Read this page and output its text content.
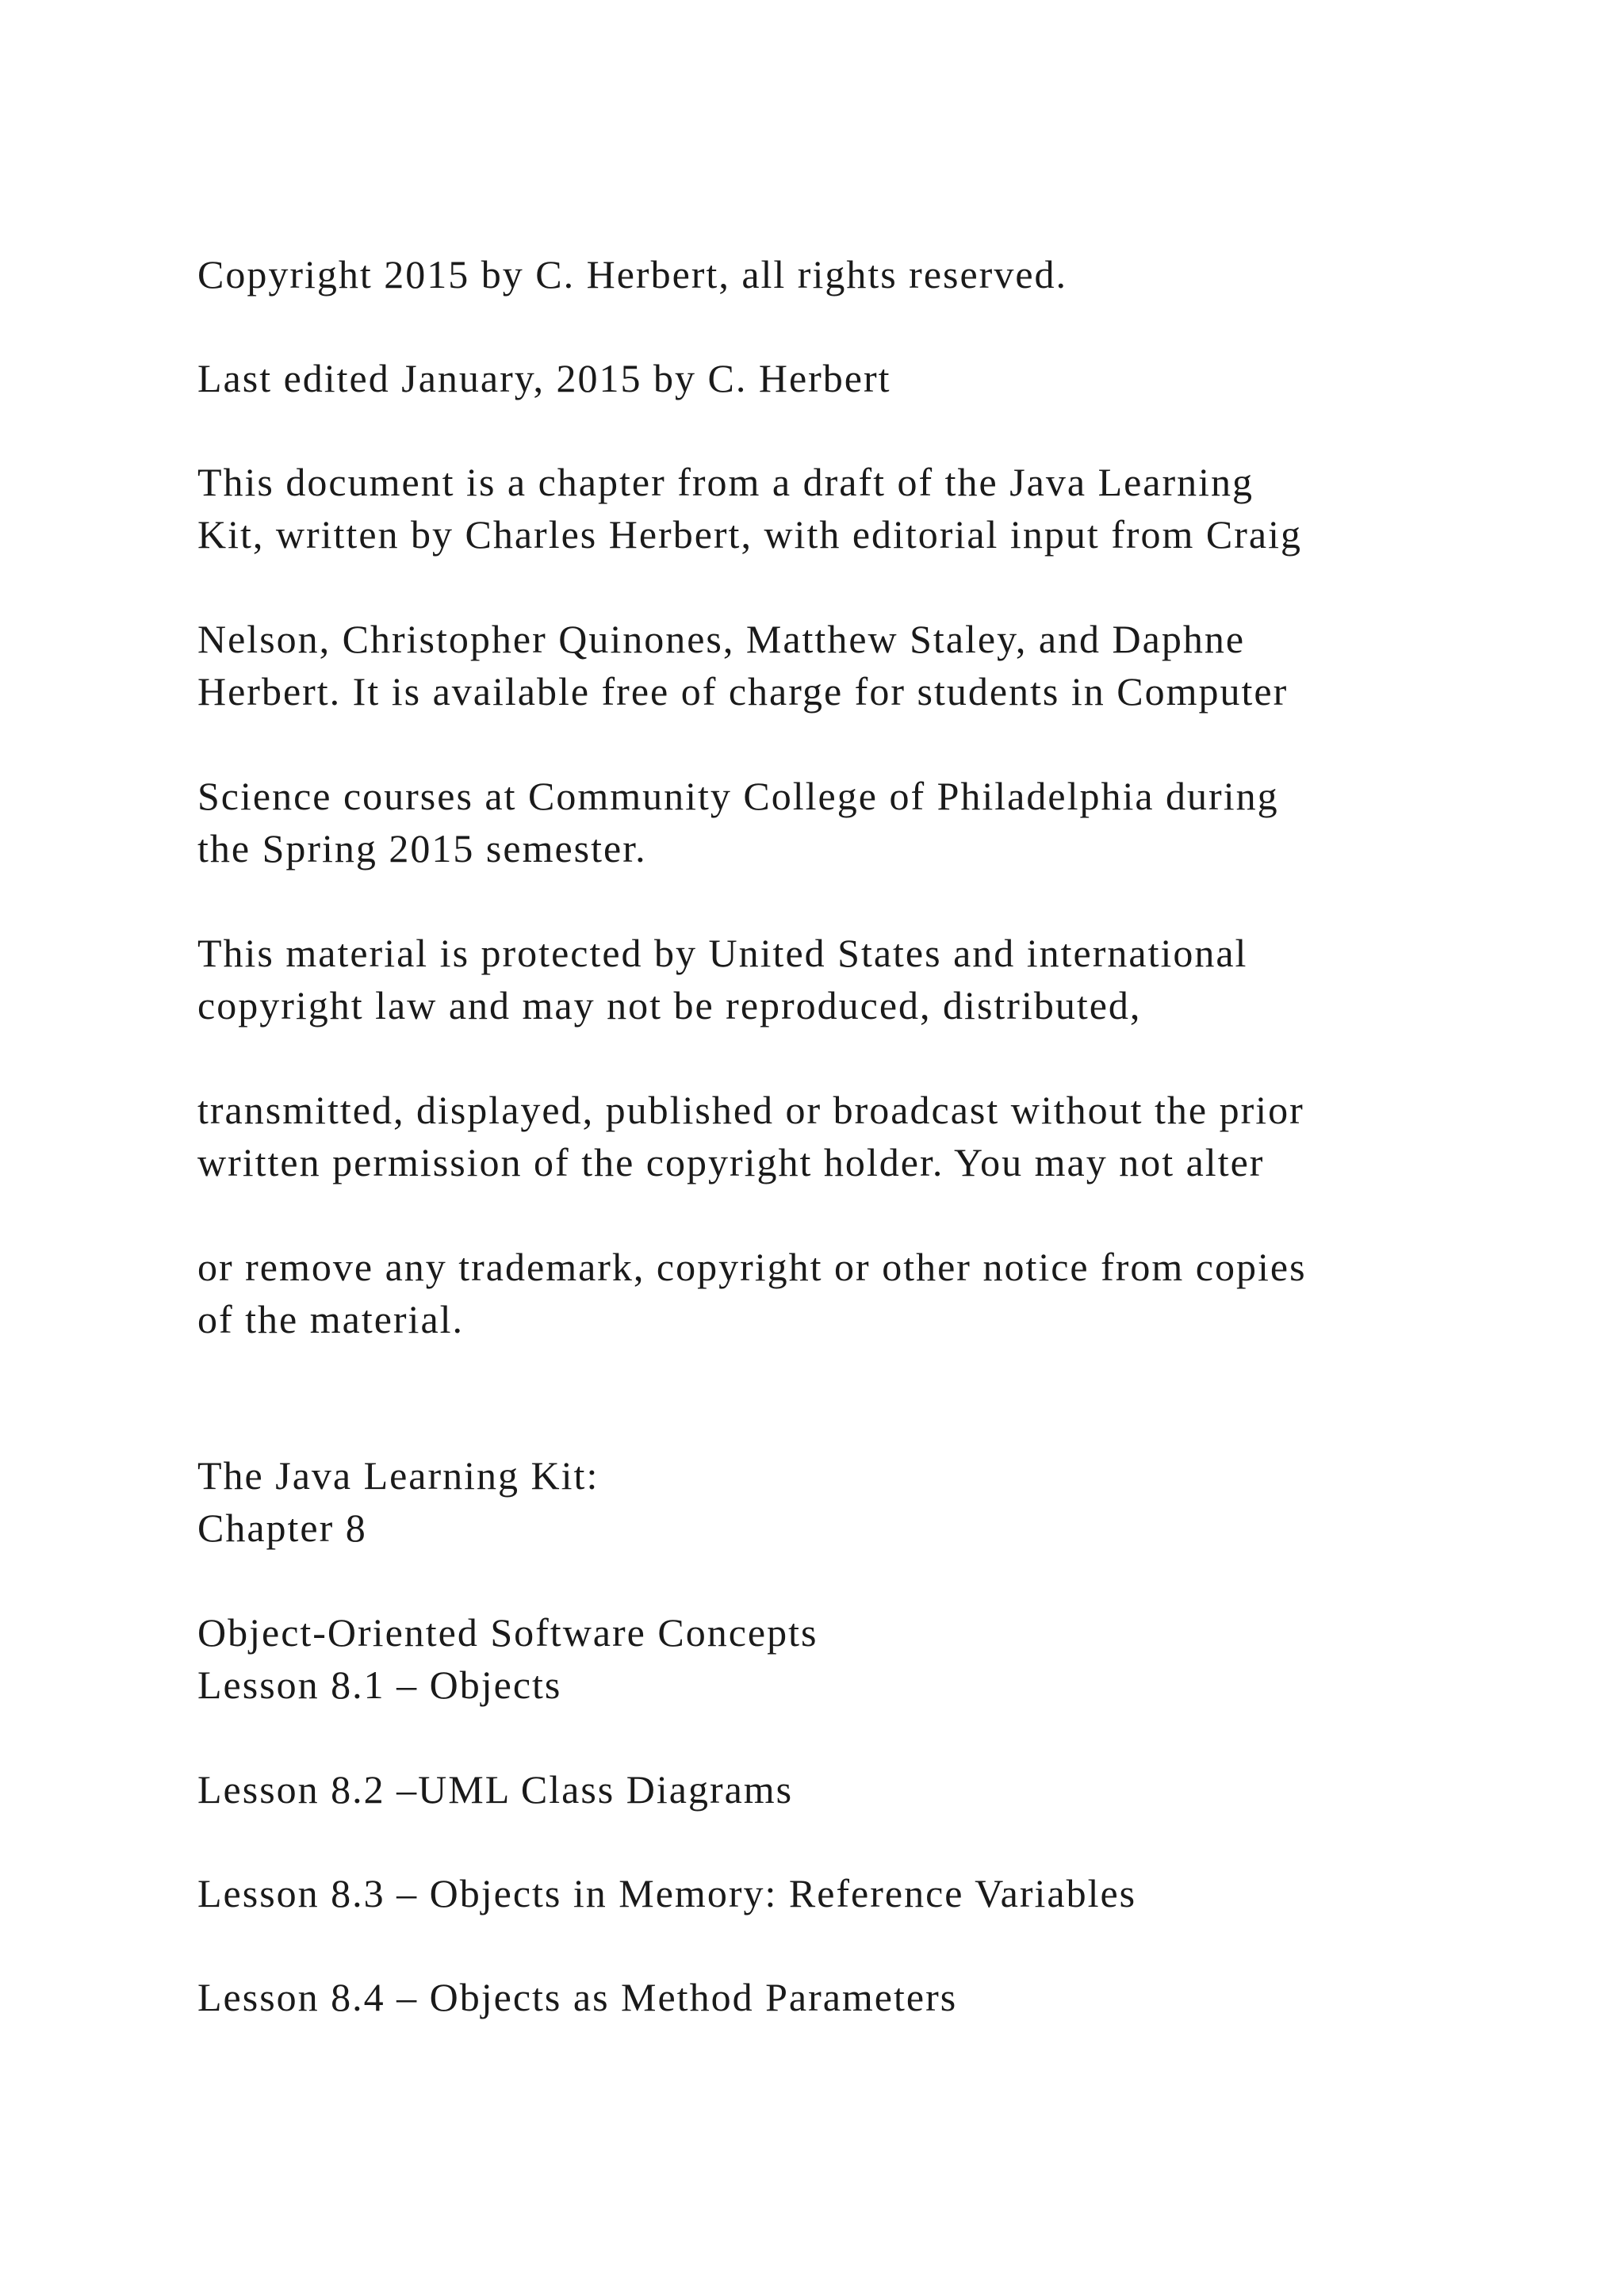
Copyright 2015 by C. Herbert, all rights reserved.

Last edited January, 2015 by C. Herbert

This document is a chapter from a draft of the Java Learning
Kit, written by Charles Herbert, with editorial input from Craig

Nelson, Christopher Quinones, Matthew Staley, and Daphne
Herbert. It is available free of charge for students in Computer

Science courses at Community College of Philadelphia during
the Spring 2015 semester.

This material is protected by United States and international
copyright law and may not be reproduced, distributed,

transmitted, displayed, published or broadcast without the prior
written permission of the copyright holder. You may not alter

or remove any trademark, copyright or other notice from copies
of the material.

The Java Learning Kit:
Chapter 8

Object-Oriented Software Concepts
Lesson 8.1 – Objects

Lesson 8.2 –UML Class Diagrams

Lesson 8.3 – Objects in Memory: Reference Variables

Lesson 8.4 – Objects as Method Parameters
